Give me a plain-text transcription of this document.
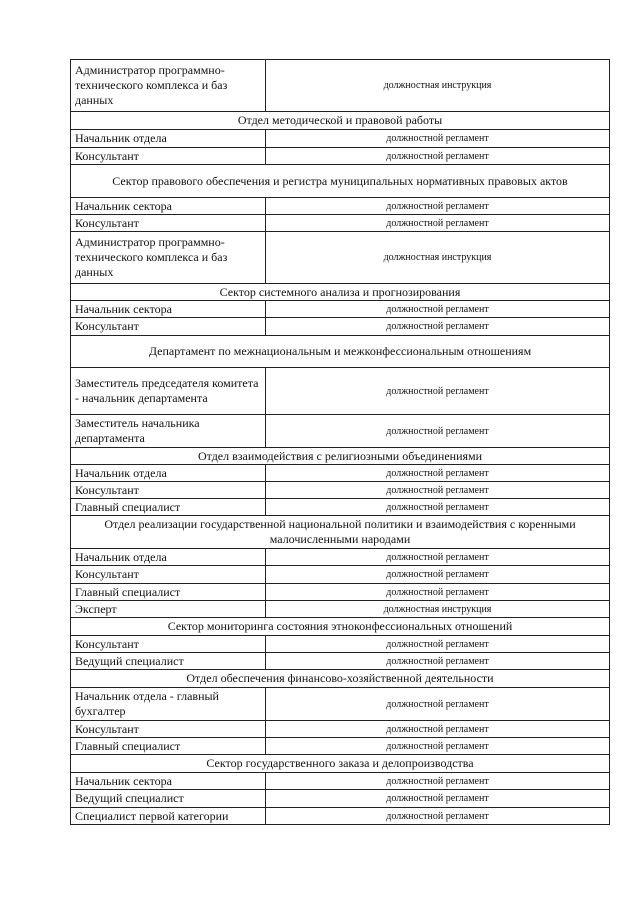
Администратор программно-технического комплекса и баз данных	должностная инструкция
Отдел методической и правовой работы	
Начальник отдела	должностной регламент
Консультант	должностной регламент
Сектор правового обеспечения и регистра муниципальных нормативных правовых актов	
Начальник сектора	должностной регламент
Консультант	должностной регламент
Администратор программно-технического комплекса и баз данных	должностная инструкция
Сектор системного анализа и прогнозирования	
Начальник сектора	должностной регламент
Консультант	должностной регламент
Департамент по межнациональным и межконфессиональным отношениям	
Заместитель председателя комитета - начальник департамента	должностной регламент
Заместитель начальника департамента	должностной регламент
Отдел взаимодействия с религиозными объединениями	
Начальник отдела	должностной регламент
Консультант	должностной регламент
Главный специалист	должностной регламент
Отдел реализации государственной национальной политики и взаимодействия с коренными малочисленными народами	
Начальник отдела	должностной регламент
Консультант	должностной регламент
Главный специалист	должностной регламент
Эксперт	должностная инструкция
Сектор мониторинга состояния этноконфессиональных отношений	
Консультант	должностной регламент
Ведущий специалист	должностной регламент
Отдел обеспечения финансово-хозяйственной деятельности	
Начальник отдела - главный бухгалтер	должностной регламент
Консультант	должностной регламент
Главный специалист	должностной регламент
Сектор государственного заказа и делопроизводства	
Начальник сектора	должностной регламент
Ведущий специалист	должностной регламент
Специалист первой категории	должностной регламент
